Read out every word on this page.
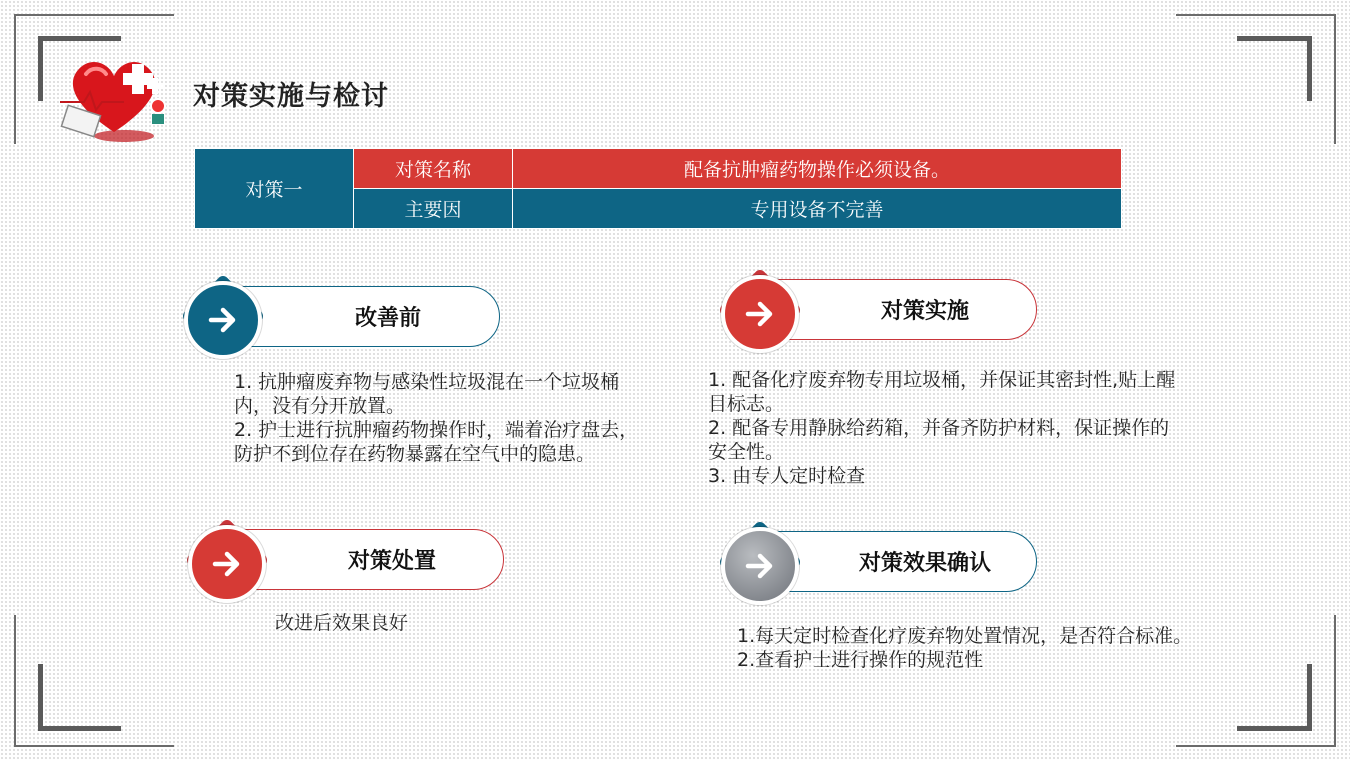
对策实施与检讨
对策一	对策名称	配备抗肿瘤药物操作必须设备。
	主要因	专用设备不完善
改善前
1. 抗肿瘤废弃物与感染性垃圾混在一个垃圾桶
内，没有分开放置。
2. 护士进行抗肿瘤药物操作时，端着治疗盘去，
防护不到位存在药物暴露在空气中的隐患。
对策实施
1. 配备化疗废弃物专用垃圾桶，并保证其密封性,贴上醒
目标志。
2. 配备专用静脉给药箱，并备齐防护材料，保证操作的
安全性。
3. 由专人定时检查
对策处置
改进后效果良好
对策效果确认
1.每天定时检查化疗废弃物处置情况，是否符合标准。
2.查看护士进行操作的规范性
